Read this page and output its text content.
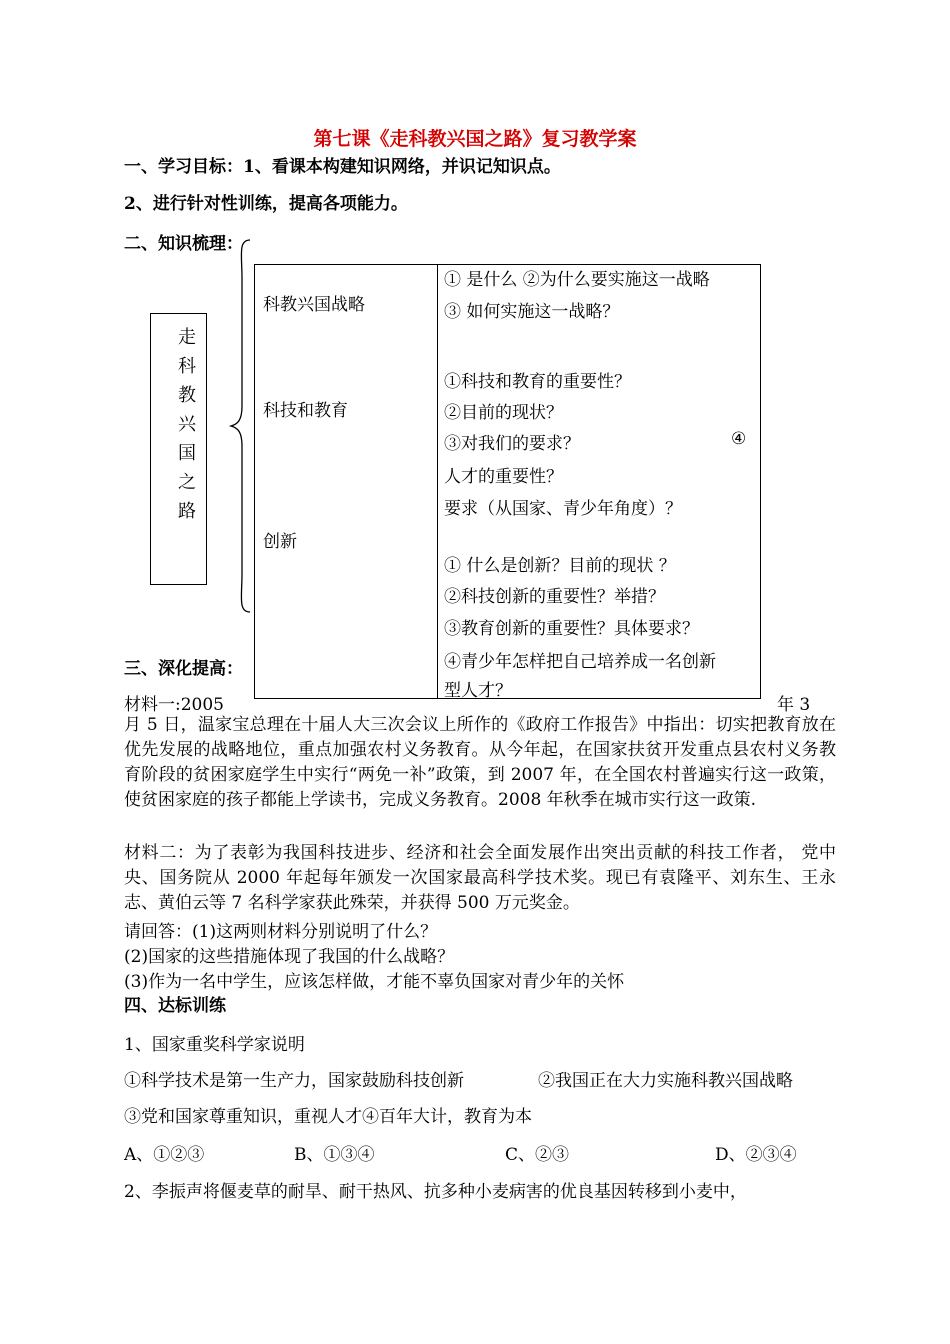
第七课《走科教兴国之路》复习教学案
一、学习目标：1、看课本构建知识网络，并识记知识点。
2、进行针对性训练，提高各项能力。
二、知识梳理：
走
科
教
兴
国
之
路
科教兴国战略
① 是什么 ②为什么要实施这一战略
③ 如何实施这一战略？
科技和教育
①科技和教育的重要性？
②目前的现状？
③对我们的要求？	④
人才的重要性？
要求（从国家、青少年角度）？
创新
① 什么是创新？目前的现状 ？
②科技创新的重要性？举措？
③教育创新的重要性？具体要求？
④青少年怎样把自己培养成一名创新
型人才？
三、深化提高：
材料一:2005	年 3
月 5 日，温家宝总理在十届人大三次会议上所作的《政府工作报告》中指出：切实把教育放在优先发展的战略地位，重点加强农村义务教育。从今年起，在国家扶贫开发重点县农村义务教育阶段的贫困家庭学生中实行“两免一补”政策，到 2007 年，在全国农村普遍实行这一政策，使贫困家庭的孩子都能上学读书，完成义务教育。2008 年秋季在城市实行这一政策.
材料二：为了表彰为我国科技进步、经济和社会全面发展作出突出贡献的科技工作者， 党中央、国务院从 2000 年起每年颁发一次国家最高科学技术奖。现已有袁隆平、刘东生、王永志、黄伯云等 7 名科学家获此殊荣，并获得 500 万元奖金。
请回答：(1)这两则材料分别说明了什么？
(2)国家的这些措施体现了我国的什么战略？
(3)作为一名中学生，应该怎样做，才能不辜负国家对青少年的关怀
四、达标训练
1、国家重奖科学家说明
①科学技术是第一生产力，国家鼓励科技创新	②我国正在大力实施科教兴国战略
③党和国家尊重知识，重视人才④百年大计，教育为本
A、①②③	B、①③④	C、②③	D、②③④
2、李振声将偃麦草的耐旱、耐干热风、抗多种小麦病害的优良基因转移到小麦中，
